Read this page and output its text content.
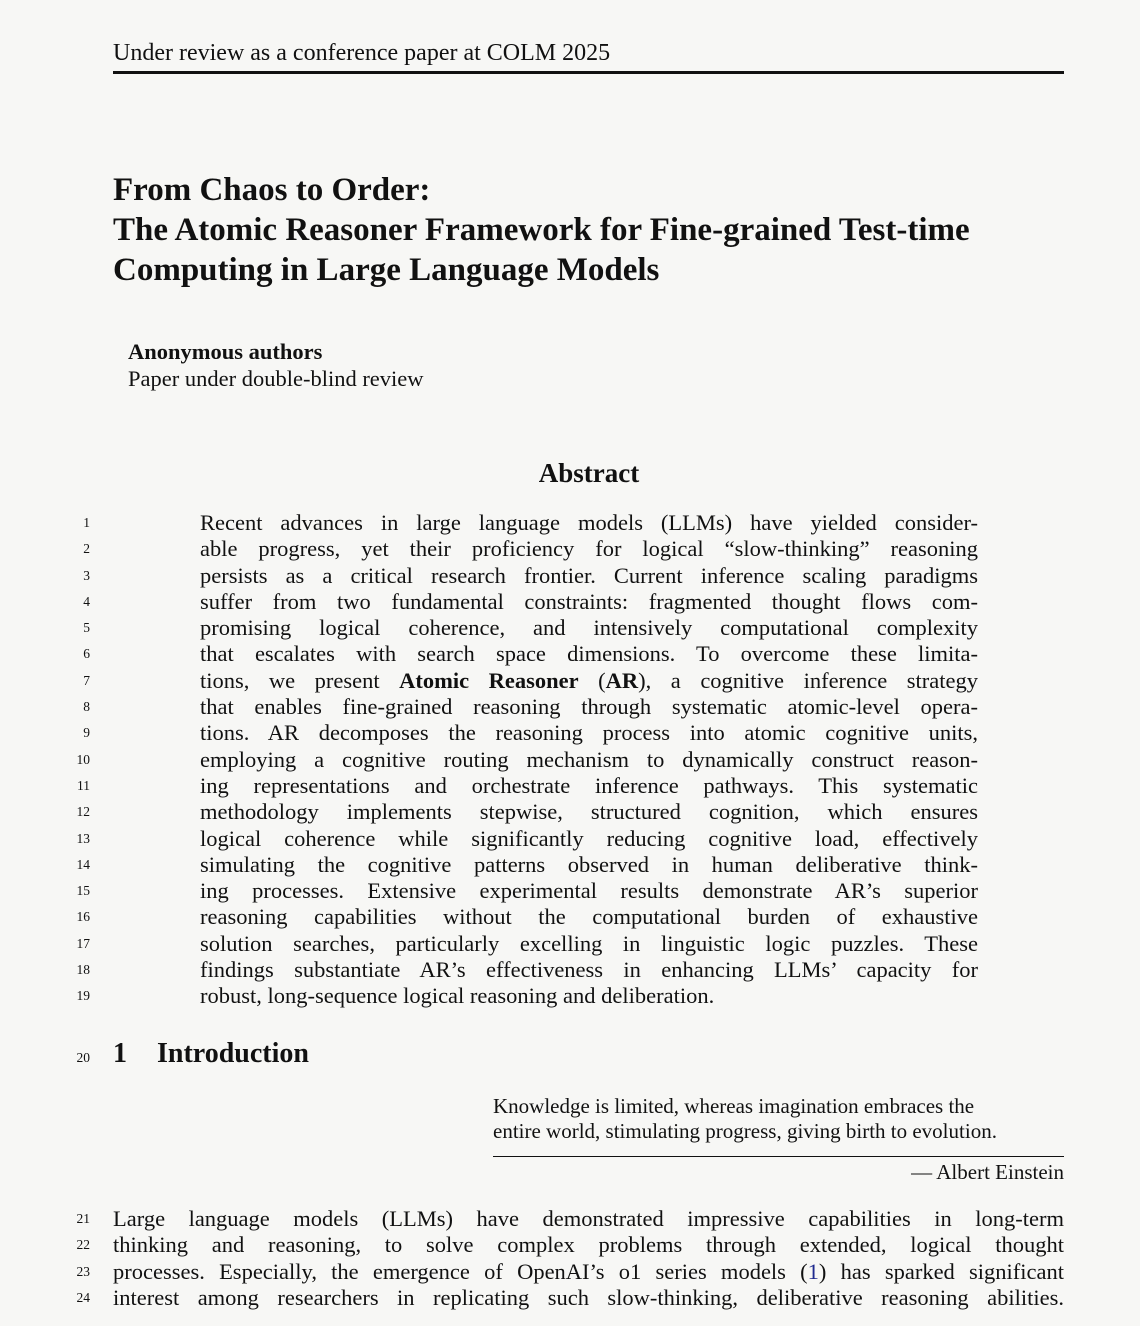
Under review as a conference paper at COLM 2025
From Chaos to Order:
The Atomic Reasoner Framework for Fine-grained Test-time
Computing in Large Language Models
Anonymous authors
Paper under double-blind review
Abstract
1	Recent advances in large language models (LLMs) have yielded consider-
2	able progress, yet their proficiency for logical “slow-thinking” reasoning
3	persists as a critical research frontier. Current inference scaling paradigms
4	suffer from two fundamental constraints: fragmented thought flows com-
5	promising logical coherence, and intensively computational complexity
6	that escalates with search space dimensions. To overcome these limita-
7	tions, we present Atomic Reasoner (AR), a cognitive inference strategy
8	that enables fine-grained reasoning through systematic atomic-level opera-
9	tions. AR decomposes the reasoning process into atomic cognitive units,
10	employing a cognitive routing mechanism to dynamically construct reason-
11	ing representations and orchestrate inference pathways. This systematic
12	methodology implements stepwise, structured cognition, which ensures
13	logical coherence while significantly reducing cognitive load, effectively
14	simulating the cognitive patterns observed in human deliberative think-
15	ing processes. Extensive experimental results demonstrate AR’s superior
16	reasoning capabilities without the computational burden of exhaustive
17	solution searches, particularly excelling in linguistic logic puzzles. These
18	findings substantiate AR’s effectiveness in enhancing LLMs’ capacity for
19	robust, long-sequence logical reasoning and deliberation.
20 1 Introduction
Knowledge is limited, whereas imagination embraces the
entire world, stimulating progress, giving birth to evolution.
— Albert Einstein
21 Large language models (LLMs) have demonstrated impressive capabilities in long-term
22 thinking and reasoning, to solve complex problems through extended, logical thought
23 processes. Especially, the emergence of OpenAI’s o1 series models (1) has sparked significant
24 interest among researchers in replicating such slow-thinking, deliberative reasoning abilities.
